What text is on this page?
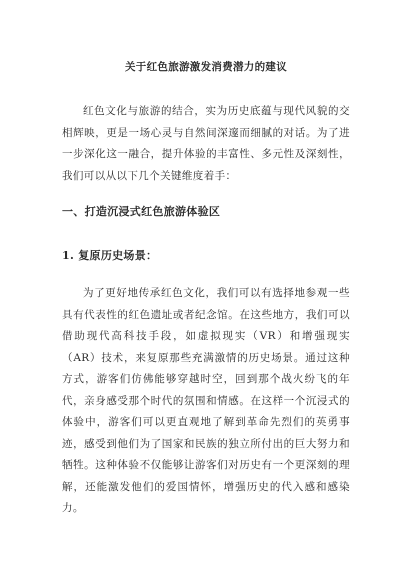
关于红色旅游激发消费潜力的建议

红色文化与旅游的结合，实为历史底蕴与现代风貌的交相辉映，更是一场心灵与自然间深邃而细腻的对话。为了进一步深化这一融合，提升体验的丰富性、多元性及深刻性，我们可以从以下几个关键维度着手：

一、打造沉浸式红色旅游体验区
1. 复原历史场景：

为了更好地传承红色文化，我们可以有选择地参观一些具有代表性的红色遗址或者纪念馆。在这些地方，我们可以借助现代高科技手段，如虚拟现实（VR）和增强现实（AR）技术，来复原那些充满激情的历史场景。通过这种方式，游客们仿佛能够穿越时空，回到那个战火纷飞的年代，亲身感受那个时代的氛围和情感。在这样一个沉浸式的体验中，游客们可以更直观地了解到革命先烈们的英勇事迹，感受到他们为了国家和民族的独立所付出的巨大努力和牺牲。这种体验不仅能够让游客们对历史有一个更深刻的理解，还能激发他们的爱国情怀，增强历史的代入感和感染力。
